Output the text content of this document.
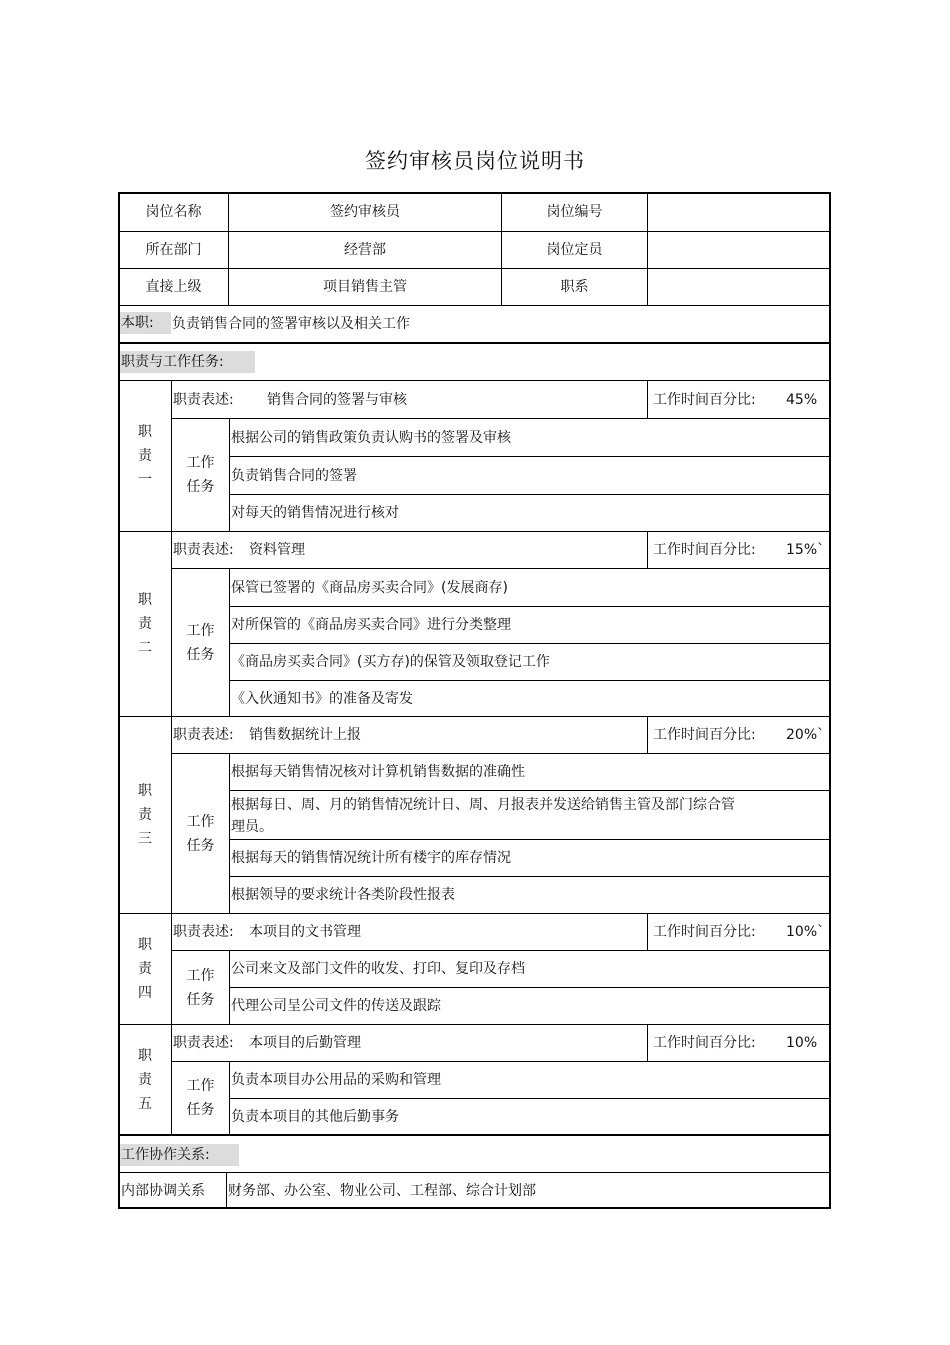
签约审核员岗位说明书
岗位名称	签约审核员	岗位编号
所在部门	经营部	岗位定员
直接上级	项目销售主管	职系
本职:	负责销售合同的签署审核以及相关工作
职责与工作任务:
职
责
一
职责表述:	销售合同的签署与审核	工作时间百分比:	45%
工作
任务
根据公司的销售政策负责认购书的签署及审核
负责销售合同的签署
对每天的销售情况进行核对
职
责
二
职责表述:	资料管理	工作时间百分比:	15%`
工作
任务
保管已签署的《商品房买卖合同》(发展商存)
对所保管的《商品房买卖合同》进行分类整理
《商品房买卖合同》(买方存)的保管及领取登记工作
《入伙通知书》的准备及寄发
职
责
三
职责表述:	销售数据统计上报	工作时间百分比:	20%`
工作
任务
根据每天销售情况核对计算机销售数据的准确性
根据每日、周、月的销售情况统计日、周、月报表并发送给销售主管及部门综合管
理员。
根据每天的销售情况统计所有楼宇的库存情况
根据领导的要求统计各类阶段性报表
职
责
四
职责表述:	本项目的文书管理	工作时间百分比:	10%`
工作
任务
公司来文及部门文件的收发、打印、复印及存档
代理公司呈公司文件的传送及跟踪
职
责
五
职责表述:	本项目的后勤管理	工作时间百分比:	10%
工作
任务
负责本项目办公用品的采购和管理
负责本项目的其他后勤事务
工作协作关系:
内部协调关系	财务部、办公室、物业公司、工程部、综合计划部
